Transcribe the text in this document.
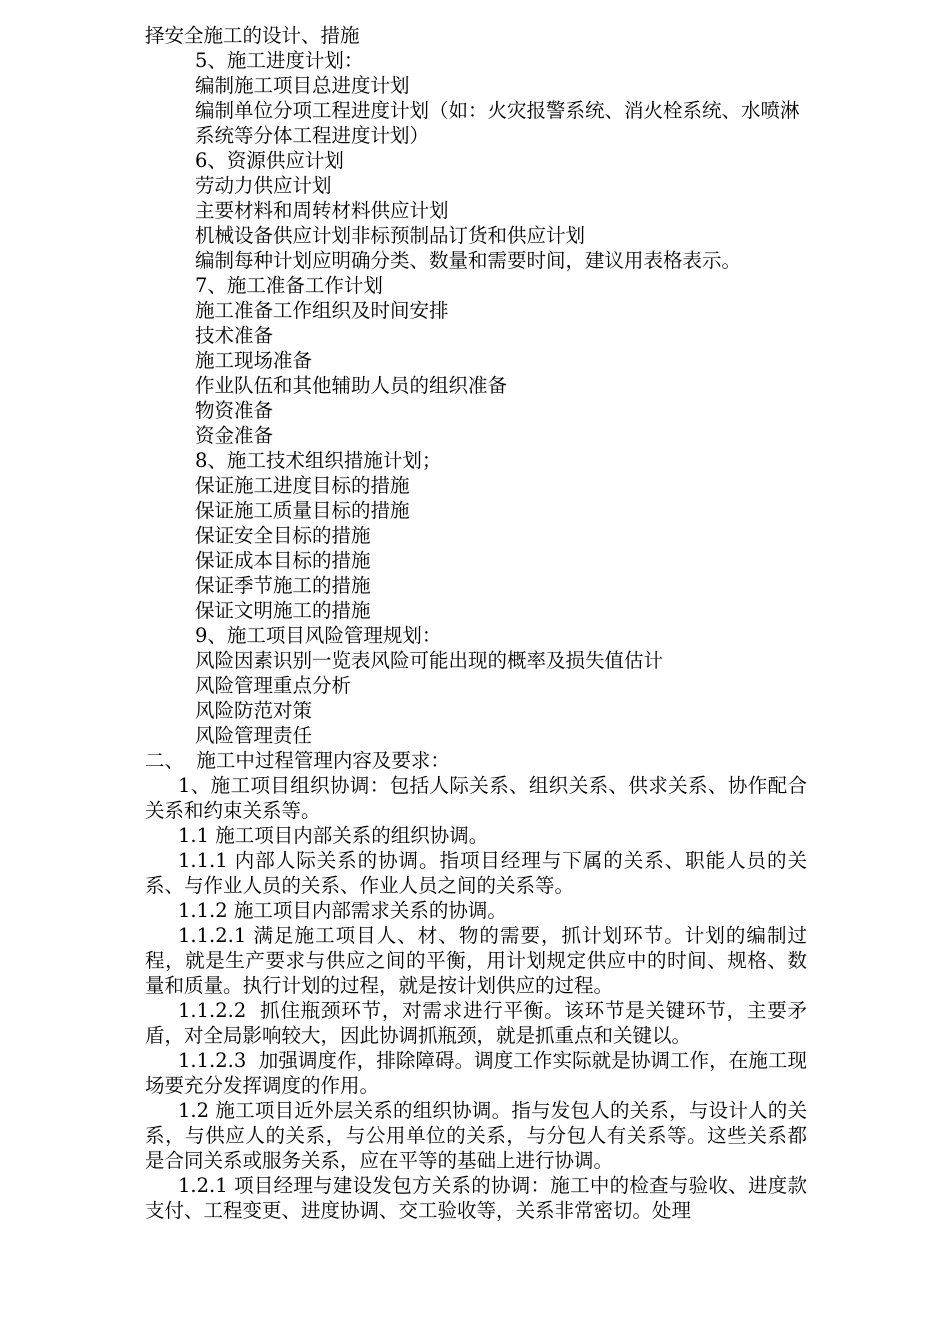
择安全施工的设计、措施

5、施工进度计划：

编制施工项目总进度计划

编制单位分项工程进度计划（如：火灾报警系统、消火栓系统、水喷淋系统等分体工程进度计划）

6、资源供应计划

劳动力供应计划

主要材料和周转材料供应计划

机械设备供应计划非标预制品订货和供应计划

编制每种计划应明确分类、数量和需要时间，建议用表格表示。

7、施工准备工作计划

施工准备工作组织及时间安排

技术准备

施工现场准备

作业队伍和其他辅助人员的组织准备

物资准备

资金准备

8、施工技术组织措施计划；

保证施工进度目标的措施

保证施工质量目标的措施

保证安全目标的措施

保证成本目标的措施

保证季节施工的措施

保证文明施工的措施

9、施工项目风险管理规划：

风险因素识别一览表风险可能出现的概率及损失值估计

风险管理重点分析

风险防范对策

风险管理责任

二、  施工中过程管理内容及要求：

1、施工项目组织协调：包括人际关系、组织关系、供求关系、协作配合关系和约束关系等。

1.1 施工项目内部关系的组织协调。

1.1.1 内部人际关系的协调。指项目经理与下属的关系、职能人员的关系、与作业人员的关系、作业人员之间的关系等。

1.1.2 施工项目内部需求关系的协调。

1.1.2.1 满足施工项目人、材、物的需要，抓计划环节。计划的编制过程，就是生产要求与供应之间的平衡，用计划规定供应中的时间、规格、数量和质量。执行计划的过程，就是按计划供应的过程。

1.1.2.2  抓住瓶颈环节，对需求进行平衡。该环节是关键环节，主要矛盾，对全局影响较大，因此协调抓瓶颈，就是抓重点和关键以。

1.1.2.3  加强调度作，排除障碍。调度工作实际就是协调工作，在施工现场要充分发挥调度的作用。

1.2 施工项目近外层关系的组织协调。指与发包人的关系，与设计人的关系，与供应人的关系，与公用单位的关系，与分包人有关系等。这些关系都是合同关系或服务关系，应在平等的基础上进行协调。

1.2.1 项目经理与建设发包方关系的协调：施工中的检查与验收、进度款支付、工程变更、进度协调、交工验收等，关系非常密切。处理
